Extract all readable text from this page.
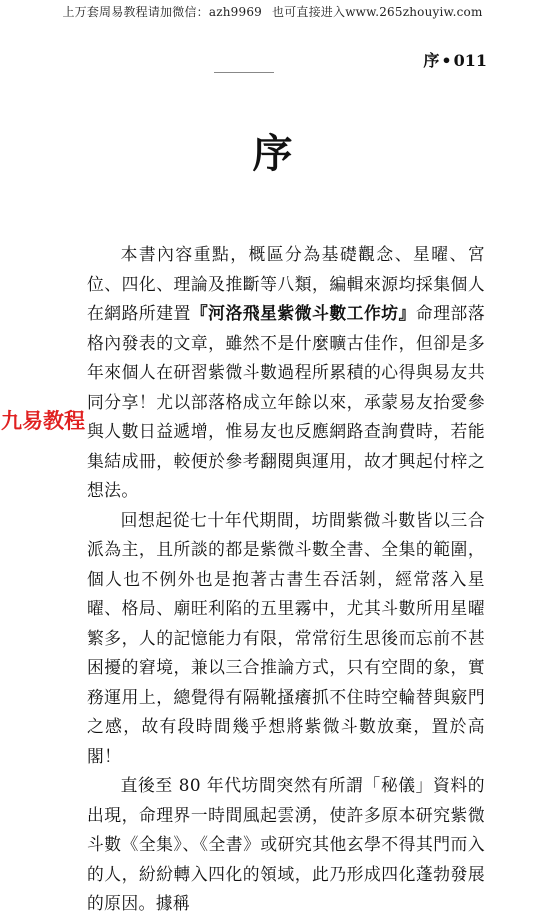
上万套周易教程请加微信：azh9969 也可直接进入www.265zhouyiw.com
序 • 011
序

本書內容重點，概區分為基礎觀念、星曜、宮位、四化、理論及推斷等八類，編輯來源均採集個人在網路所建置『河洛飛星紫微斗數工作坊』命理部落格內發表的文章，雖然不是什麼曠古佳作，但卻是多年來個人在研習紫微斗數過程所累積的心得與易友共同分享！尤以部落格成立年餘以來，承蒙易友抬愛參與人數日益遞增，惟易友也反應網路查詢費時，若能集結成冊，較便於參考翻閱與運用，故才興起付梓之想法。

回想起從七十年代期間，坊間紫微斗數皆以三合派為主，且所談的都是紫微斗數全書、全集的範圍，個人也不例外也是抱著古書生吞活剝，經常落入星曜、格局、廟旺利陷的五里霧中，尤其斗數所用星曜繁多，人的記憶能力有限，常常衍生思後而忘前不甚困擾的窘境，兼以三合推論方式，只有空間的象，實務運用上，總覺得有隔靴搔癢抓不住時空輪替與竅門之感，故有段時間幾乎想將紫微斗數放棄，置於高閣！

直後至 80 年代坊間突然有所謂「秘儀」資料的出現，命理界一時間風起雲湧，使許多原本研究紫微斗數《全集》、《全書》或研究其他玄學不得其門而入的人，紛紛轉入四化的領域，此乃形成四化蓬勃發展的原因。據稱

九易教程
